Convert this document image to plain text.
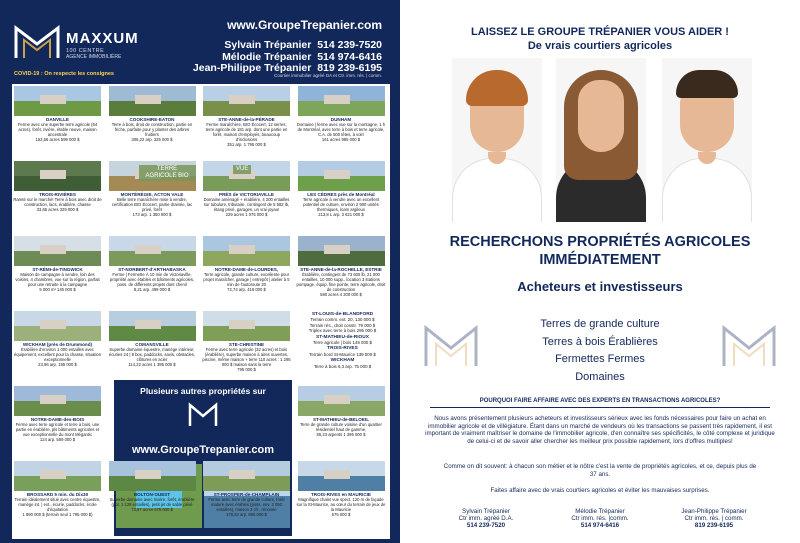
MAXXUM
100 CENTRE
AGENCE IMMOBILIÈRE
www.GroupeTrepanier.com
Sylvain Trépanier 514 239-7520
Mélodie Trépanier 514 974-6416
Jean-Philippe Trépanier 819 239-6195
COVID-19 : On respecte les consignes	Courtier immobilier agréé DA et Ctr. imm. rés. | comm.
Plusieurs autres propriétés sur
www.GroupeTrepanier.com
DANVILLE
Ferme avec une superbe terre agricole (64 acres), forêt, rivière, étable neuve, maison ancestrale
153,56 acres 599 000 $
COOKSHIRE-EATON
Terre à bois, droit de construction, partie en friche, parfaite pour y planter des arbres fruitiers
306,22 arp. 325 000 $
STE-ANNE-de-la-PÉRADE
Ferme maraîchère, BIO Écocert, 12 serres, terre agricole de 181 arp. dont une partie en forêt, maison d'employés, beaucoup d'inclusions
351 arp. 1 795 000 $
DUNHAM
Domaine | ferme avec vue sur la montagne, 1 h de Montréal, avec terre à bois et terre agricole, C.A. de 500 têtes, à voir!
161 acres 985 000 $
TROIS-RIVIÈRES
Rareté sur le marché! Terre à bois avec droit de construction, lacs, érablière, chasse
33,66 acres 329 000 $
TERRE AGRICOLE BIO
MONTÉRÉGIE, ACTON VALE
Belle terre maraîchère mise à vendre, certification BIO Écocert, partie drainée, lac privé, forêt
173 arp. 1 350 000 $
VUE
PRÈS de VICTORIAVILLE
Domaine aménagé + érablière, 4 200 entailles sur tubulure, tributaire, contingent de 5 582 lb, étang privé, garages, un vrai joyau!
229 acres 1 075 000 $
LES CÈDRES près de Montréal
Terre agricole à vendre avec un excellent potentiel de culture, environ 2 900 unités thermiques, loam argileux
213,8 L arp. 3 621 000 $
ST-RÉMI-de-TINGWICK
Maison de campagne à vendre, loin des voisins, 4 chambres, vue sur la région, parfait pour une retraite à la campagne
5 000 m² 145 000 $
ST-NORBERT-d'ARTHABASKA
Ferme | Fermette À 10 min de Victoriaville, propriété avec étables et bâtiments agricoles, poss. de différents projets dont chenil
8,21 arp. 499 000 $
NOTRE-DAME-de-LOURDES,
Terre agricole, grande culture, excellente pour projet maraîcher, garage | entrepôt | atelier à 5 min de l'autoroute 20
72,74 arp. 416 000 $
STE-ANNE-de-la-ROCHELLE, ESTRIE
Érablière, contingent de 73 605 lb, 21 000 entailles, 10 000 supp., location 3 stations pompage, équip. fine pointe, terre agricole, droit de construction
580 acres 4 200 000 $
WICKHAM (près de Drummond)
Érablière d'environ 1 000 entailles avec équipement, excellent pour la chasse, situation exceptionnelle
23,96 arp. 195 000 $
COMANSVILLE
Superbe domaine équestre, manège intérieur, écuries 24 | 8 box, paddocks, savis, obstacles, clôtures en acier
114,22 acres 1 395 000 $
STE-CHRISTINE
Ferme avec terre agricole (32 acres) et bois (érablière), superbe maison à aires ouvertes, piscine, même maison + terre 110 acres : 1 295 000 $ maison sans la terre
795 000 $
NOTRE-DAME-des-BOIS
Ferme avec terre agricole et terre à bois, une partie en érablière, pls bâtiments agricoles et vue exceptionnelle du mont Mégantic
124 arp. 569 000 $
ST-MATHIEU-de-BELOEIL
Terre de grande culture voisine d'un quartier résidentiel haut de gamme,
55,23 arpents 1 395 000 $
BROSSARD 5 min. du Dix30
Terrain idéalement situé avec centre équestre, manège int. | ext., écurie, paddocks, école d'équitation
1 890 000 $ (terrain seul 1 795 000 $)
BOLTON-OUEST
Superbe domaine avec rivière, forêt, érablière (pot. 1 128 entailles), petit jet de sable privé
73,87 acres 675 000 $
ST-PROSPER-de-CHAMPLAIN
Ferme avec terre de grande culture, forêt mature avec érables (poss. env. 2 050 entailles), maison 3 ch., rénovée
178,33 arp. 695 000 $
TROIS-RIVES en MAURICIE
Magnifique chalet vue spect. 120 m de façade sur la St-Maurice, au cœur du terrain de jeux de la Mauricie
575 000 $
ST-LOUIS-de-BLANDFORD
Terrain comm. ext. 20, 130 000 $
Terrain rés., droit constr. 79 000 $
Triplex avec terre à bois 295 000 $
ST-MATHIEU-de-RIOUX
Terre agricole | bois 149 000 $
TROIS-RIVES
Terrain bord St-Maurice 139 000 $
WICKHAM
Terre à bois 6,3 arp. 75 000 $
LAISSEZ LE GROUPE TRÉPANIER VOUS AIDER !
De vrais courtiers agricoles
RECHERCHONS PROPRIÉTÉS AGRICOLES
IMMÉDIATEMENT
Acheteurs et investisseurs
Terres de grande culture
Terres à bois Érablières
Fermettes Fermes
Domaines
POURQUOI FAIRE AFFAIRE AVEC DES EXPERTS EN TRANSACTIONS AGRICOLES?
Nous avons présentement plusieurs acheteurs et investisseurs sérieux avec les fonds nécessaires pour faire un achat en immobilier agricole et de villégiature. Étant dans un marché de vendeurs où les transactions se passent très rapidement, il est important de vraiment maîtriser le domaine de l'immobilier agricole, d'en connaître ses spécificités, le côté complexe et juridique de celui-ci et de savoir aller chercher les meilleur prix possible rapidement, lors d'offres multiples!
Comme on dit souvent: à chacun son métier et le nôtre c'est la vente de propriétés agricoles, et ce, depuis plus de 37 ans.
Faites affaire avec de vrais courtiers agricoles et éviter les mauvaises surprises.
Sylvain Trépanier
Ctr imm. agréé D.A.
514 239-7520
Mélodie Trépanier
Ctr imm. rés. |comm.
514 974-6416
Jean-Philippe Trépanier
Ctr imm. rés. | comm.
819 239-6195
